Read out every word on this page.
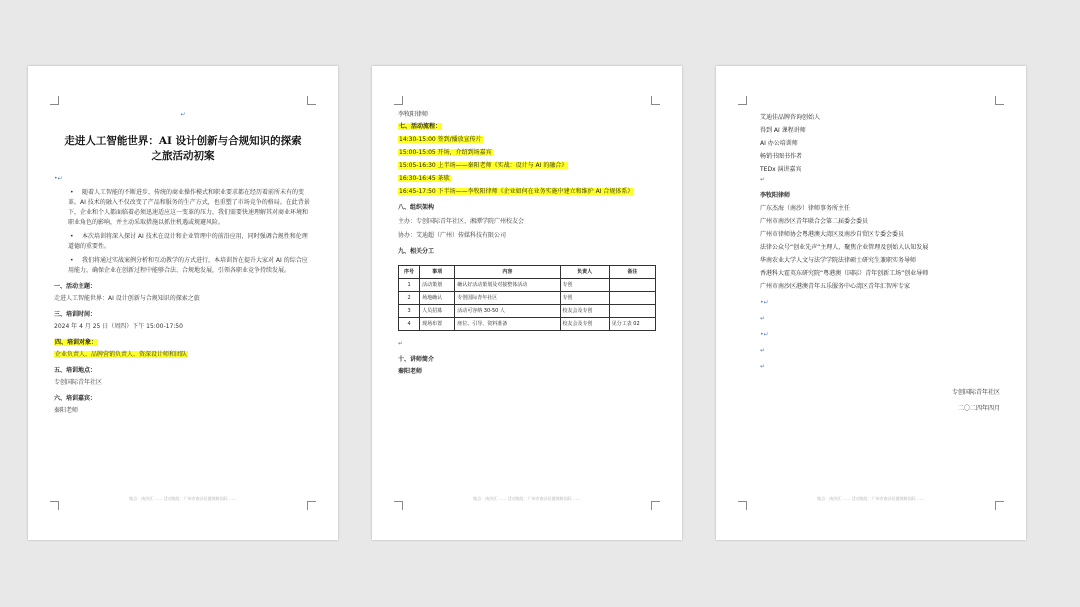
↵
走进人工智能世界：AI 设计创新与合规知识的探索之旅活动初案
•↵
• 随着人工智能的不断进步，传统的商业操作模式和职业要求都在经历着前所未有的变革。AI 技术的融入不仅改变了产品和服务的生产方式，也重塑了市场竞争的格局。在此背景下，企业和个人都面临着必须迅速适应这一变革的压力，我们需要快速理解其对商业环境和职业角色的影响，并主动采取措施以抓住机遇或规避风险。
• 本次培训将深入探讨 AI 技术在设计和企业管理中的前沿应用，同时强调合规性和伦理道德的重要性。
• 我们将通过实战案例分析和互动教学的方式进行，本培训旨在提升大家对 AI 的综合应用能力，确保企业在创新过程中能够合法、合规地发展，引领各职业竞争持续发展。
一、活动主题：
走进人工智能世界：AI 设计创新与合规知识的探索之旅
三、培训时间：
2024 年 4 月 25 日（周四）下午 15:00-17:50
四、培训对象：
企业负责人、品牌营销负责人、资深设计师和团队
五、培训地点：
专创国际青年社区
六、培训嘉宾：
秦阳老师
地点：南沙区 …… 活动地址：广州市南沙区港湾路国际 ……
李牧阳律师
七、活动流程：
14:30-15:00 签到/播放宣传片
15:00-15:05 开场，介绍到场嘉宾
15:05-16:30 上半场——秦阳老师《实战：设计与 AI 的融合》
16:30-16:45 茶歇
16:45-17:50 下半场——李牧阳律师《企业如何在业务实施中建立和维护 AI 合规体系》
八、组织架构
主办：专创国际青年社区、湘潭学院广州校友会
协办：艾迪超（广州）传媒科技有限公司
九、相关分工
序号	事项	内容	负责人	备注
1	活动策划	确认好活动策划及对接整体活动	专创	
2	场地确认	专创国际青年社区	专创	
3	人员招募	活动可容纳 30-50 人	校友会及专创	
4	现场布置	座位、引导、资料准备	校友会及专创	见分工表 02
↵
十、讲师简介
秦阳老师
地点：南沙区 …… 活动地址：广州市南沙区港湾路国际 ……
• 艾迪佳品牌咨询创始人
• 得到 AI 课程讲师
• AI 办公培训师
• 畅销书图书作者
• TEDx 演讲嘉宾
↵
李牧阳律师
广东杰海（南沙）律师事务所主任
广州市南沙区青年联合会第二届委会委员
广州市律师协会粤港澳大湾区及南沙自贸区专委会委员
法律公众号“创业先声”主理人、聚焦企业管理及创始人认知发展
华南农业大学人文与法学学院法律硕士研究生兼职实务导师
香港科大霍英东研究院“粤港澳（国际）青年创新工场”创业导师
广州市南沙区港澳青年五乐服务中心湾区青年汇智库专家
•↵
↵
•↵
↵
↵
专创国际青年社区
二〇二四年四月
地点：南沙区 …… 活动地址：广州市南沙区港湾路国际 ……
